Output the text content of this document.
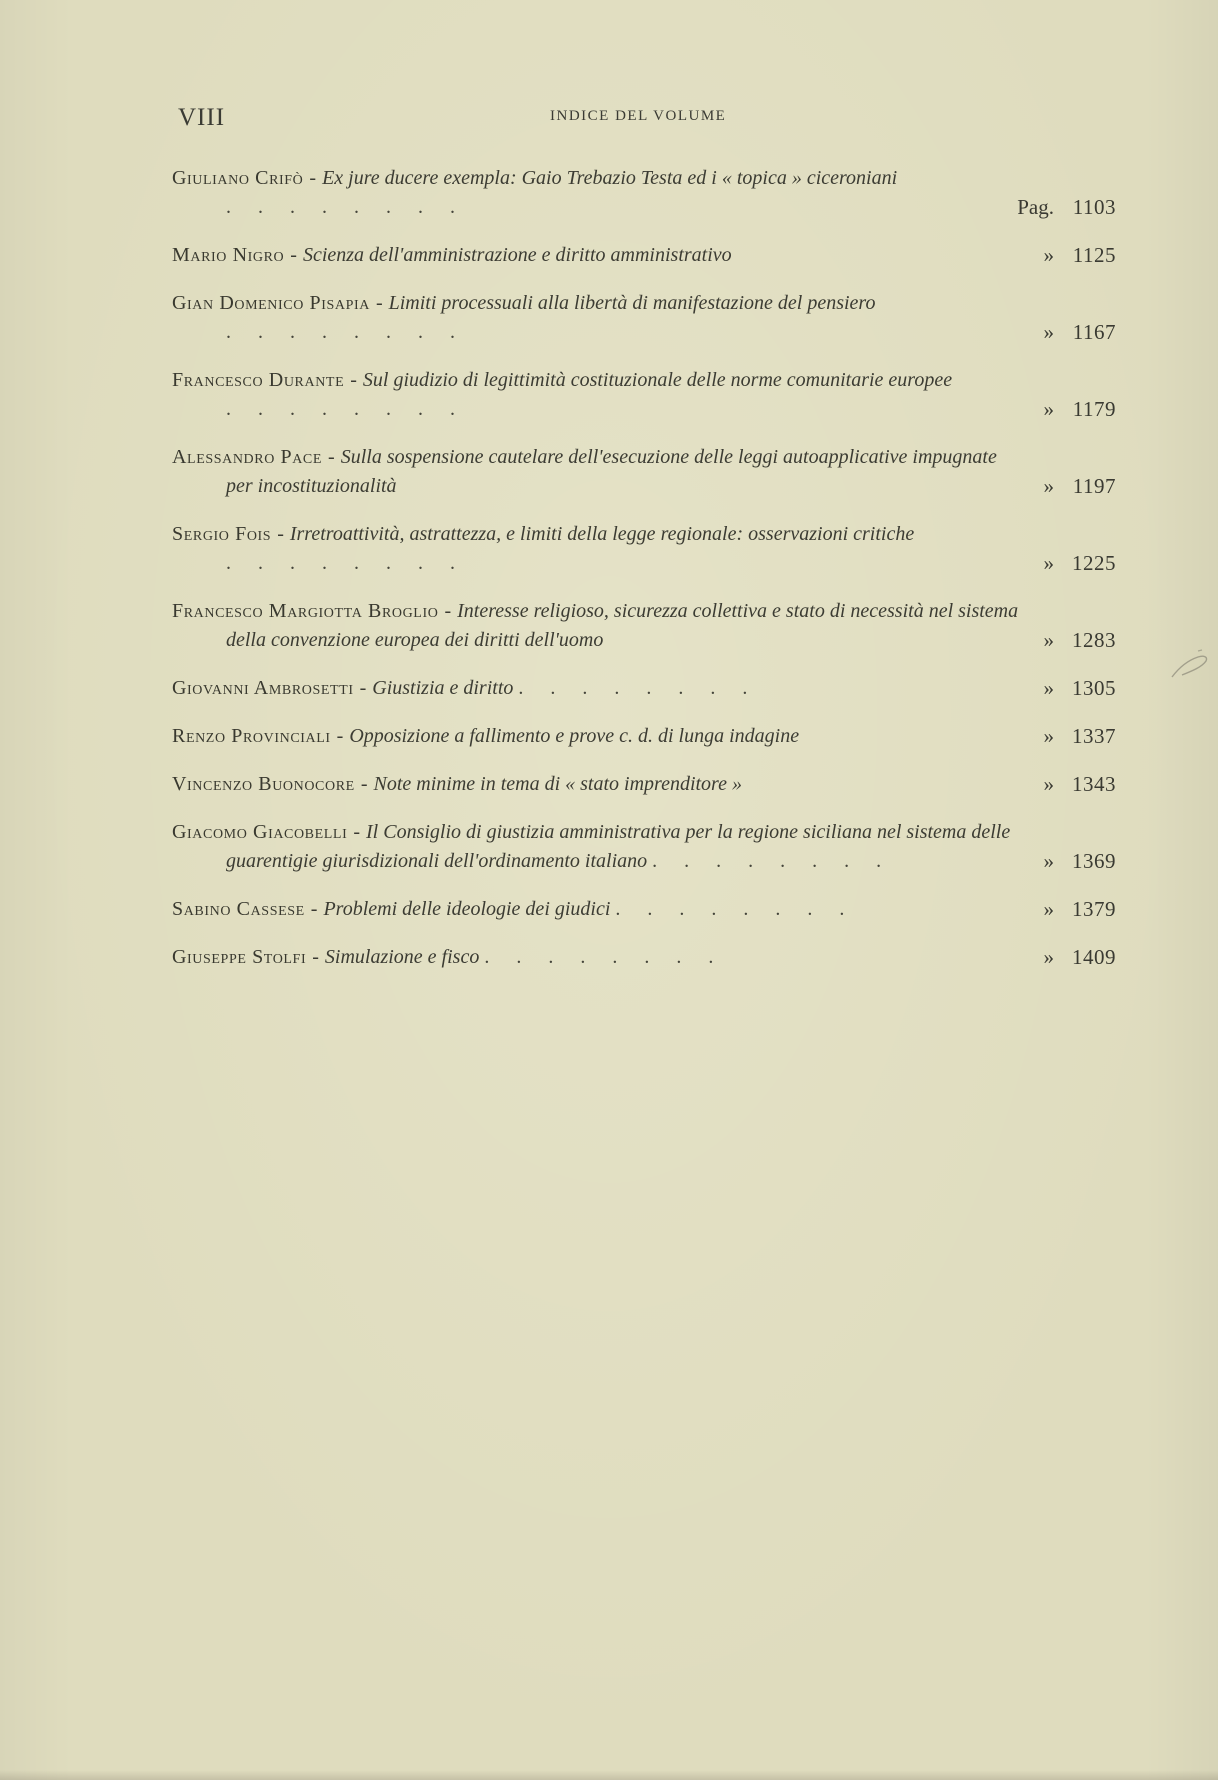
VIII	INDICE DEL VOLUME
Giuliano Crifò - Ex jure ducere exempla: Gaio Trebazio Testa ed i « topica » ciceroniani . . . . . . . .	Pag. 1103
Mario Nigro - Scienza dell'amministrazione e diritto amministrativo	» 1125
Gian Domenico Pisapia - Limiti processuali alla libertà di manifestazione del pensiero . . . . . . . .	» 1167
Francesco Durante - Sul giudizio di legittimità costituzionale delle norme comunitarie europee . . . . . . . .	» 1179
Alessandro Pace - Sulla sospensione cautelare dell'esecuzione delle leggi autoapplicative impugnate per incostituzionalità	» 1197
Sergio Fois - Irretroattività, astrattezza, e limiti della legge regionale: osservazioni critiche . . . . . . . .	» 1225
Francesco Margiotta Broglio - Interesse religioso, sicurezza collettiva e stato di necessità nel sistema della convenzione europea dei diritti dell'uomo	» 1283
Giovanni Ambrosetti - Giustizia e diritto . . . . . . . .	» 1305
Renzo Provinciali - Opposizione a fallimento e prove c. d. di lunga indagine	» 1337
Vincenzo Buonocore - Note minime in tema di « stato imprenditore »	» 1343
Giacomo Giacobelli - Il Consiglio di giustizia amministrativa per la regione siciliana nel sistema delle guarentigie giurisdizionali dell'ordinamento italiano . . . . . . . .	» 1369
Sabino Cassese - Problemi delle ideologie dei giudici . . . . . . . .	» 1379
Giuseppe Stolfi - Simulazione e fisco . . . . . . . .	» 1409
